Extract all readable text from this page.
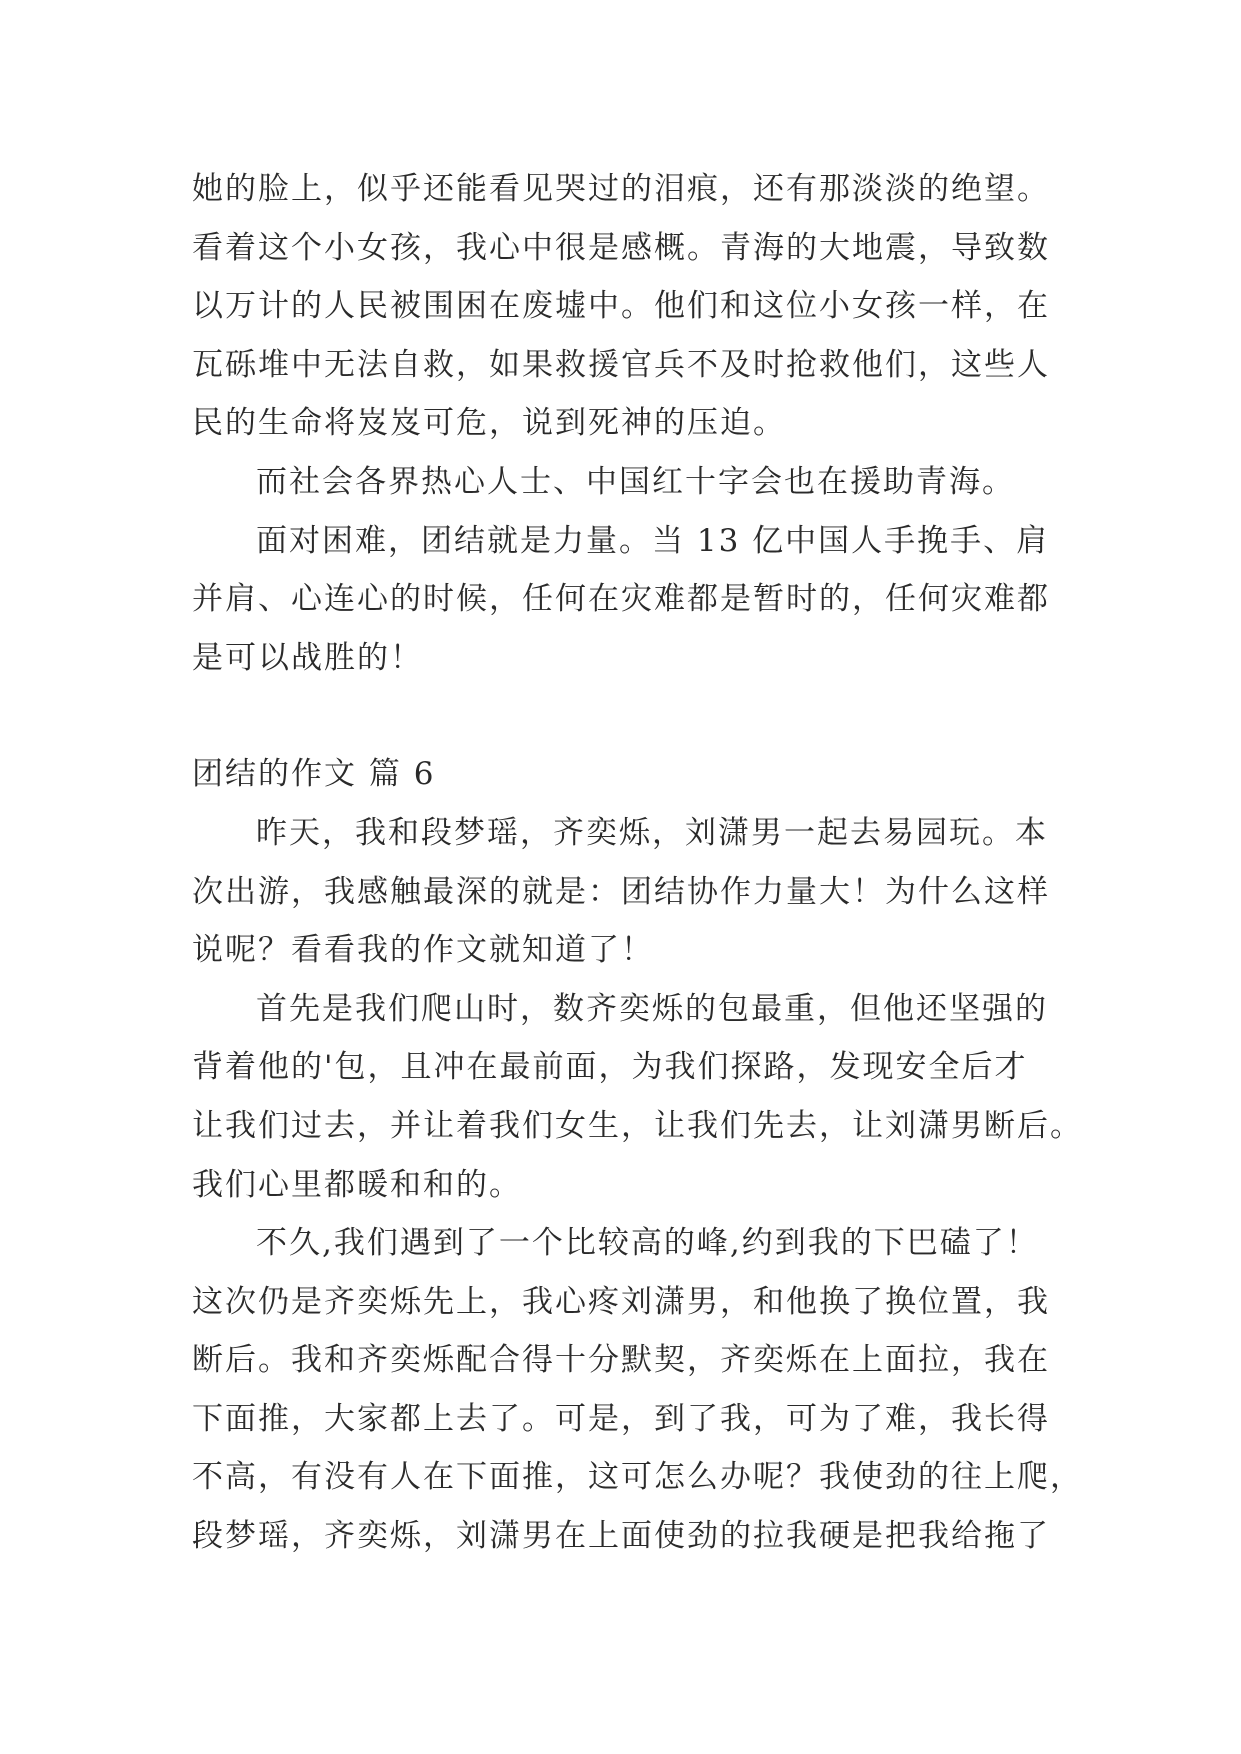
她的脸上，似乎还能看见哭过的泪痕，还有那淡淡的绝望。

看着这个小女孩，我心中很是感概。青海的大地震，导致数

以万计的人民被围困在废墟中。他们和这位小女孩一样，在

瓦砾堆中无法自救，如果救援官兵不及时抢救他们，这些人

民的生命将岌岌可危，说到死神的压迫。

而社会各界热心人士、中国红十字会也在援助青海。

面对困难，团结就是力量。当 13 亿中国人手挽手、肩

并肩、心连心的时候，任何在灾难都是暂时的，任何灾难都

是可以战胜的！

团结的作文 篇 6

昨天，我和段梦瑶，齐奕烁，刘潇男一起去易园玩。本

次出游，我感触最深的就是：团结协作力量大！为什么这样

说呢？看看我的作文就知道了！

首先是我们爬山时，数齐奕烁的包最重，但他还坚强的

背着他的'包，且冲在最前面，为我们探路，发现安全后才

让我们过去，并让着我们女生，让我们先去，让刘潇男断后。

我们心里都暖和和的。

不久,我们遇到了一个比较高的峰,约到我的下巴磕了！

这次仍是齐奕烁先上，我心疼刘潇男，和他换了换位置，我

断后。我和齐奕烁配合得十分默契，齐奕烁在上面拉，我在

下面推，大家都上去了。可是，到了我，可为了难，我长得

不高，有没有人在下面推，这可怎么办呢？我使劲的往上爬，

段梦瑶，齐奕烁，刘潇男在上面使劲的拉我硬是把我给拖了
